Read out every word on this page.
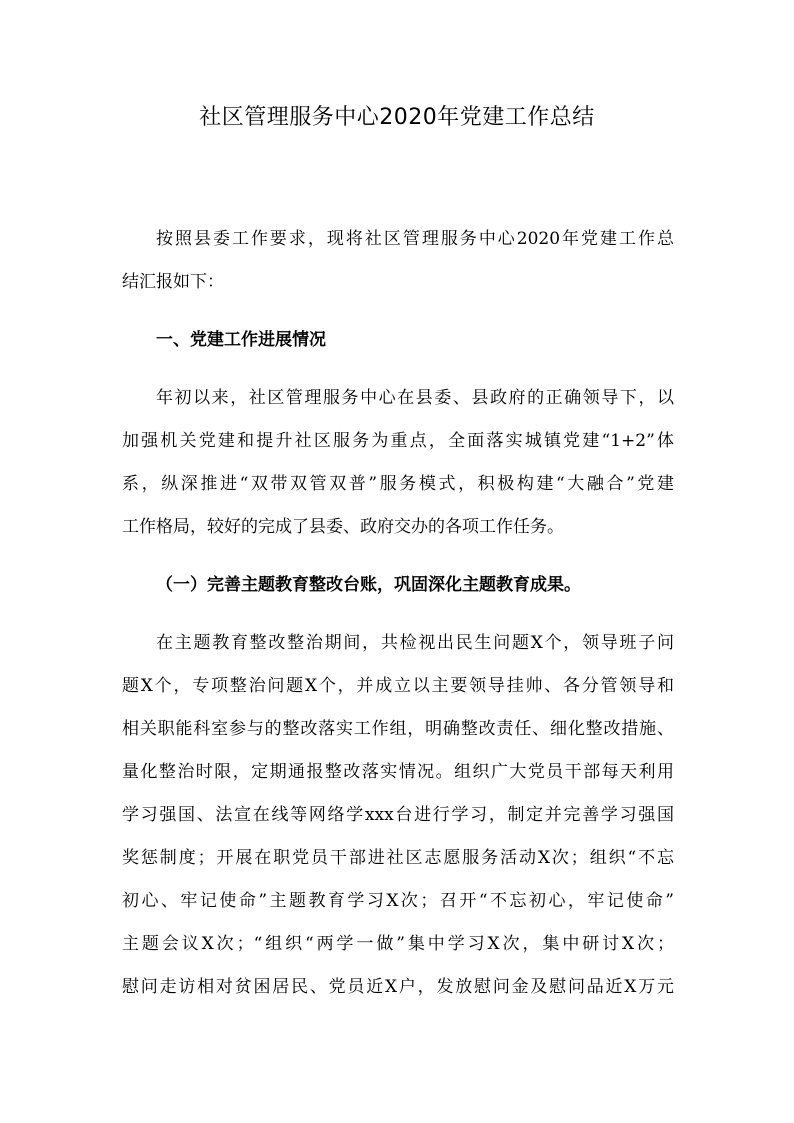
社区管理服务中心2020年党建工作总结
按照县委工作要求，现将社区管理服务中心2020年党建工作总
结汇报如下：
一、党建工作进展情况
年初以来，社区管理服务中心在县委、县政府的正确领导下，以
加强机关党建和提升社区服务为重点，全面落实城镇党建“1+2”体
系，纵深推进“双带双管双普”服务模式，积极构建“大融合”党建
工作格局，较好的完成了县委、政府交办的各项工作任务。
（一）完善主题教育整改台账，巩固深化主题教育成果。
在主题教育整改整治期间，共检视出民生问题X个，领导班子问
题X个，专项整治问题X个，并成立以主要领导挂帅、各分管领导和
相关职能科室参与的整改落实工作组，明确整改责任、细化整改措施、
量化整治时限，定期通报整改落实情况。组织广大党员干部每天利用
学习强国、法宣在线等网络学xxx台进行学习，制定并完善学习强国
奖惩制度；开展在职党员干部进社区志愿服务活动X次；组织“不忘
初心、牢记使命”主题教育学习X次；召开“不忘初心，牢记使命”
主题会议X次；“组织“两学一做”集中学习X次，集中研讨X次；
慰问走访相对贫困居民、党员近X户，发放慰问金及慰问品近X万元
